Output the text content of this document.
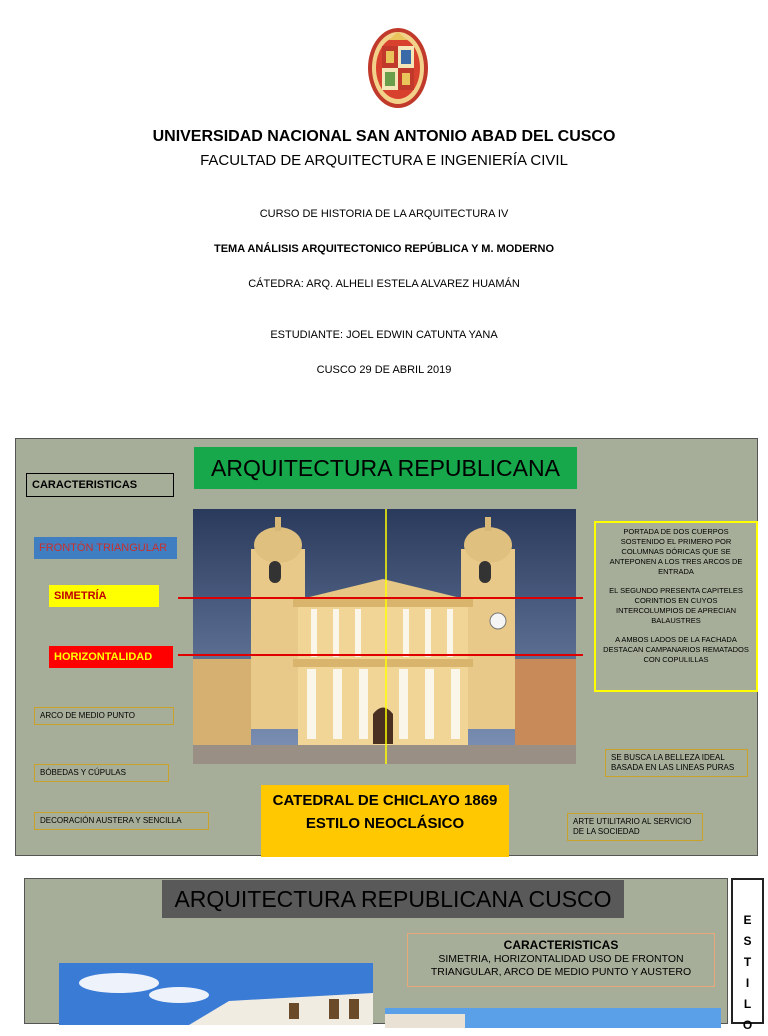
UNIVERSIDAD NACIONAL SAN ANTONIO ABAD DEL CUSCO
FACULTAD DE ARQUITECTURA E INGENIERÍA CIVIL
CURSO DE HISTORIA DE LA ARQUITECTURA IV
TEMA ANÁLISIS ARQUITECTONICO REPÚBLICA Y M. MODERNO
CÁTEDRA: ARQ. ALHELI ESTELA ALVAREZ HUAMÁN
ESTUDIANTE: JOEL EDWIN CATUNTA YANA
CUSCO 29 DE ABRIL 2019
ARQUITECTURA REPUBLICANA
CARACTERISTICAS
FRONTÓN TRIANGULAR
SIMETRÍA
HORIZONTALIDAD
ARCO DE MEDIO PUNTO
BÓBEDAS Y CÚPULAS
DECORACIÓN AUSTERA Y SENCILLA
SE BUSCA LA BELLEZA IDEAL BASADA EN LAS LINEAS PURAS
ARTE UTILITARIO AL SERVICIO DE LA SOCIEDAD

PORTADA DE DOS CUERPOS SOSTENIDO EL PRIMERO POR COLUMNAS DÓRICAS QUE SE ANTEPONEN A LOS TRES ARCOS DE ENTRADA

EL SEGUNDO PRESENTA CAPITELES CORINTIOS EN CUYOS INTERCOLUMPIOS DE APRECIAN BALAUSTRES

A AMBOS LADOS DE LA FACHADA DESTACAN CAMPANARIOS REMATADOS CON COPULILLAS

CATEDRAL DE CHICLAYO 1869
ESTILO NEOCLÁSICO
ARQUITECTURA REPUBLICANA CUSCO
CARACTERISTICAS
SIMETRIA, HORIZONTALIDAD USO DE FRONTON TRIANGULAR, ARCO DE MEDIO PUNTO Y AUSTERO
E
S
T
I
L
O
